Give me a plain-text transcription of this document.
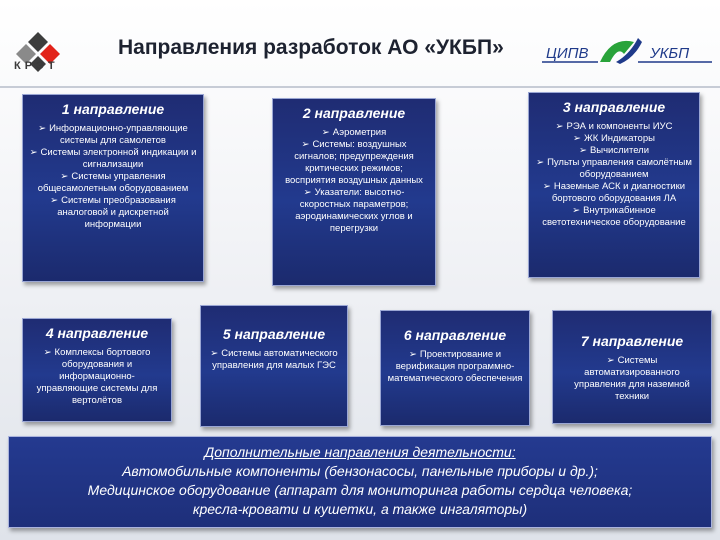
КРЭТ
Направления разработок АО «УКБП»	ЦИПВ	УКБП
1 направление
➢ Информационно-управляющие системы для самолетов
➢ Системы электронной индикации и сигнализации
➢ Системы управления общесамолетным оборудованием
➢ Системы преобразования аналоговой и дискретной информации
2 направление
➢ Аэрометрия
➢ Системы: воздушных сигналов; предупреждения критических режимов; восприятия воздушных данных
➢ Указатели: высотно-скоростных параметров; аэродинамических углов и перегрузки
3 направление
➢ РЭА и компоненты ИУС
➢ ЖК Индикаторы
➢ Вычислители
➢ Пульты управления самолётным оборудованием
➢ Наземные АСК и диагностики бортового оборудования ЛА
➢ Внутрикабинное светотехническое оборудование
4 направление
➢ Комплексы бортового оборудования и информационно-управляющие системы для вертолётов
5 направление
➢ Системы автоматического управления для малых ГЭС
6 направление
➢ Проектирование и верификация программно-математического обеспечения
7 направление
➢ Системы автоматизированного управления для наземной техники
Дополнительные направления деятельности:
Автомобильные компоненты (бензонасосы, панельные приборы и др.);
Медицинское оборудование (аппарат для мониторинга работы сердца человека;
кресла-кровати и кушетки, а также ингаляторы)
